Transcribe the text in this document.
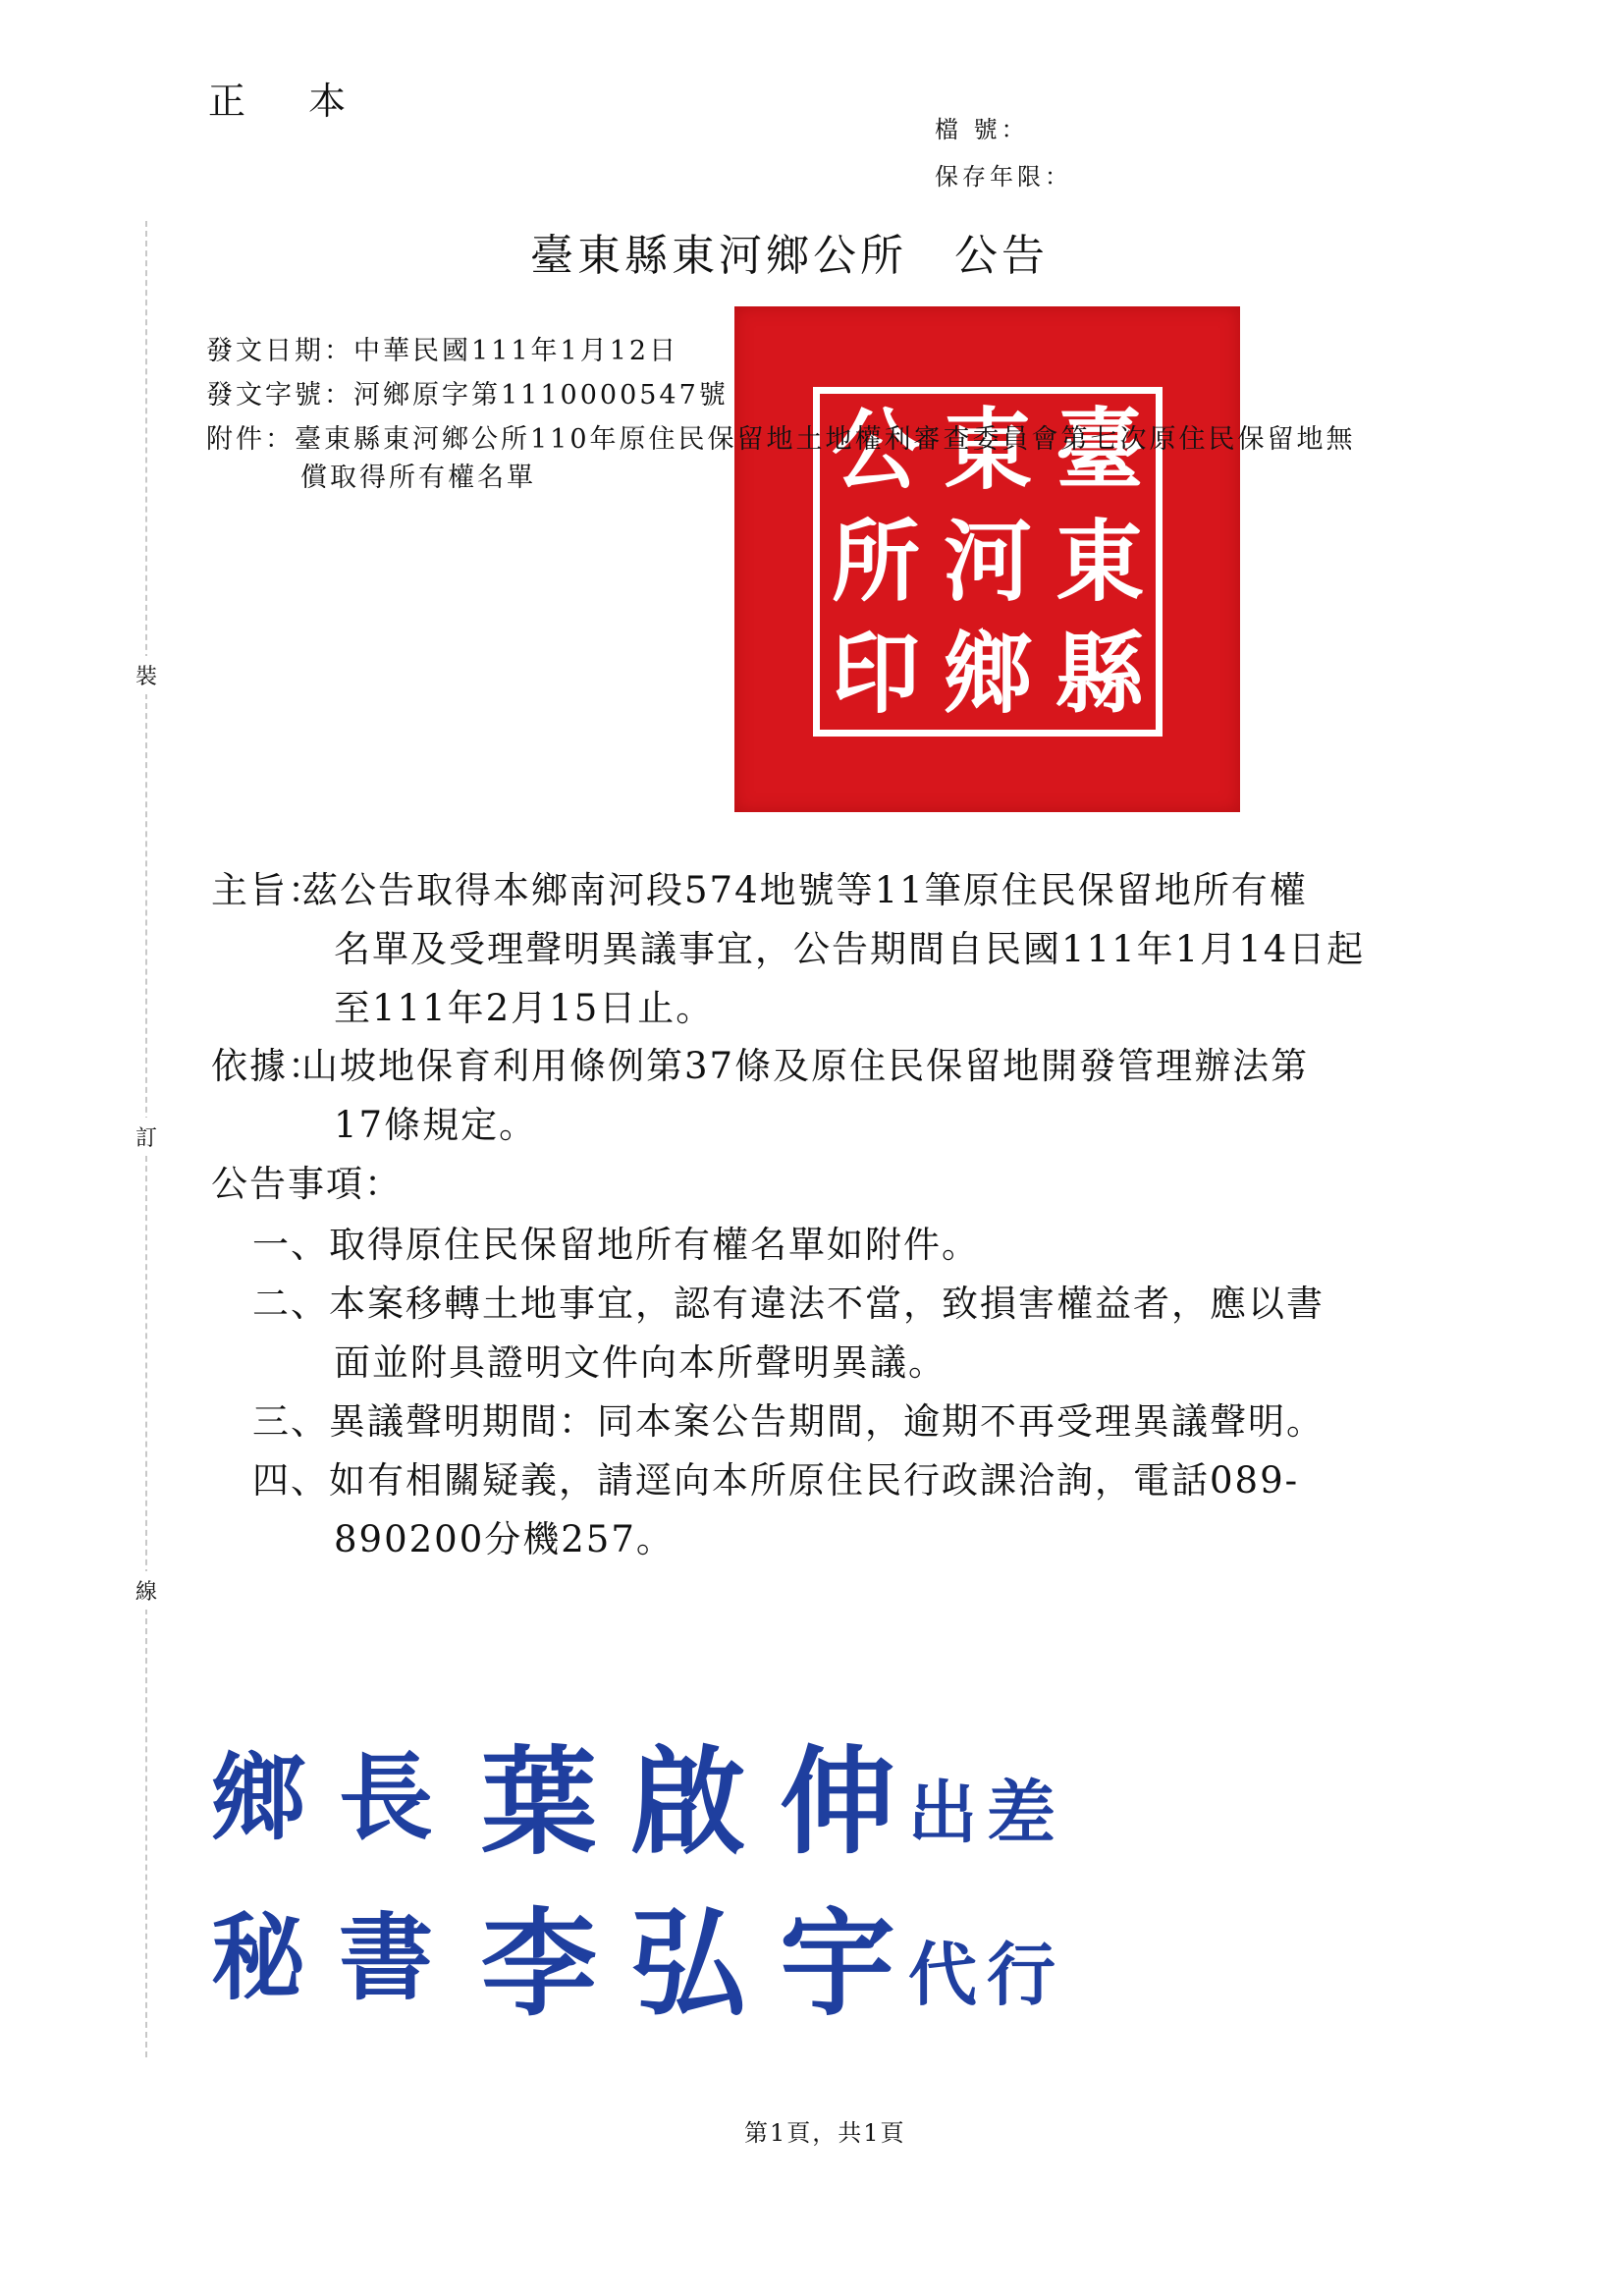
正 本
檔 號：
保存年限：
裝
訂
線
臺東縣東河鄉公所　公告
發文日期：中華民國111年1月12日
發文字號：河鄉原字第1110000547號
臺
東
縣
東
河
鄉
公
所
印
附件：臺東縣東河鄉公所110年原住民保留地土地權利審查委員會第七次原住民保留地無
償取得所有權名單
主旨：
茲公告取得本鄉南河段574地號等11筆原住民保留地所有權
名單及受理聲明異議事宜，公告期間自民國111年1月14日起
至111年2月15日止。
依據：
山坡地保育利用條例第37條及原住民保留地開發管理辦法第
17條規定。
公告事項：
一、取得原住民保留地所有權名單如附件。
二、本案移轉土地事宜，認有違法不當，致損害權益者，應以書
面並附具證明文件向本所聲明異議。
三、異議聲明期間：同本案公告期間，逾期不再受理異議聲明。
四、如有相關疑義，請逕向本所原住民行政課洽詢，電話089-
890200分機257。
鄉長 葉啟伸
出差
秘書 李弘宇
代行
第1頁，共1頁
